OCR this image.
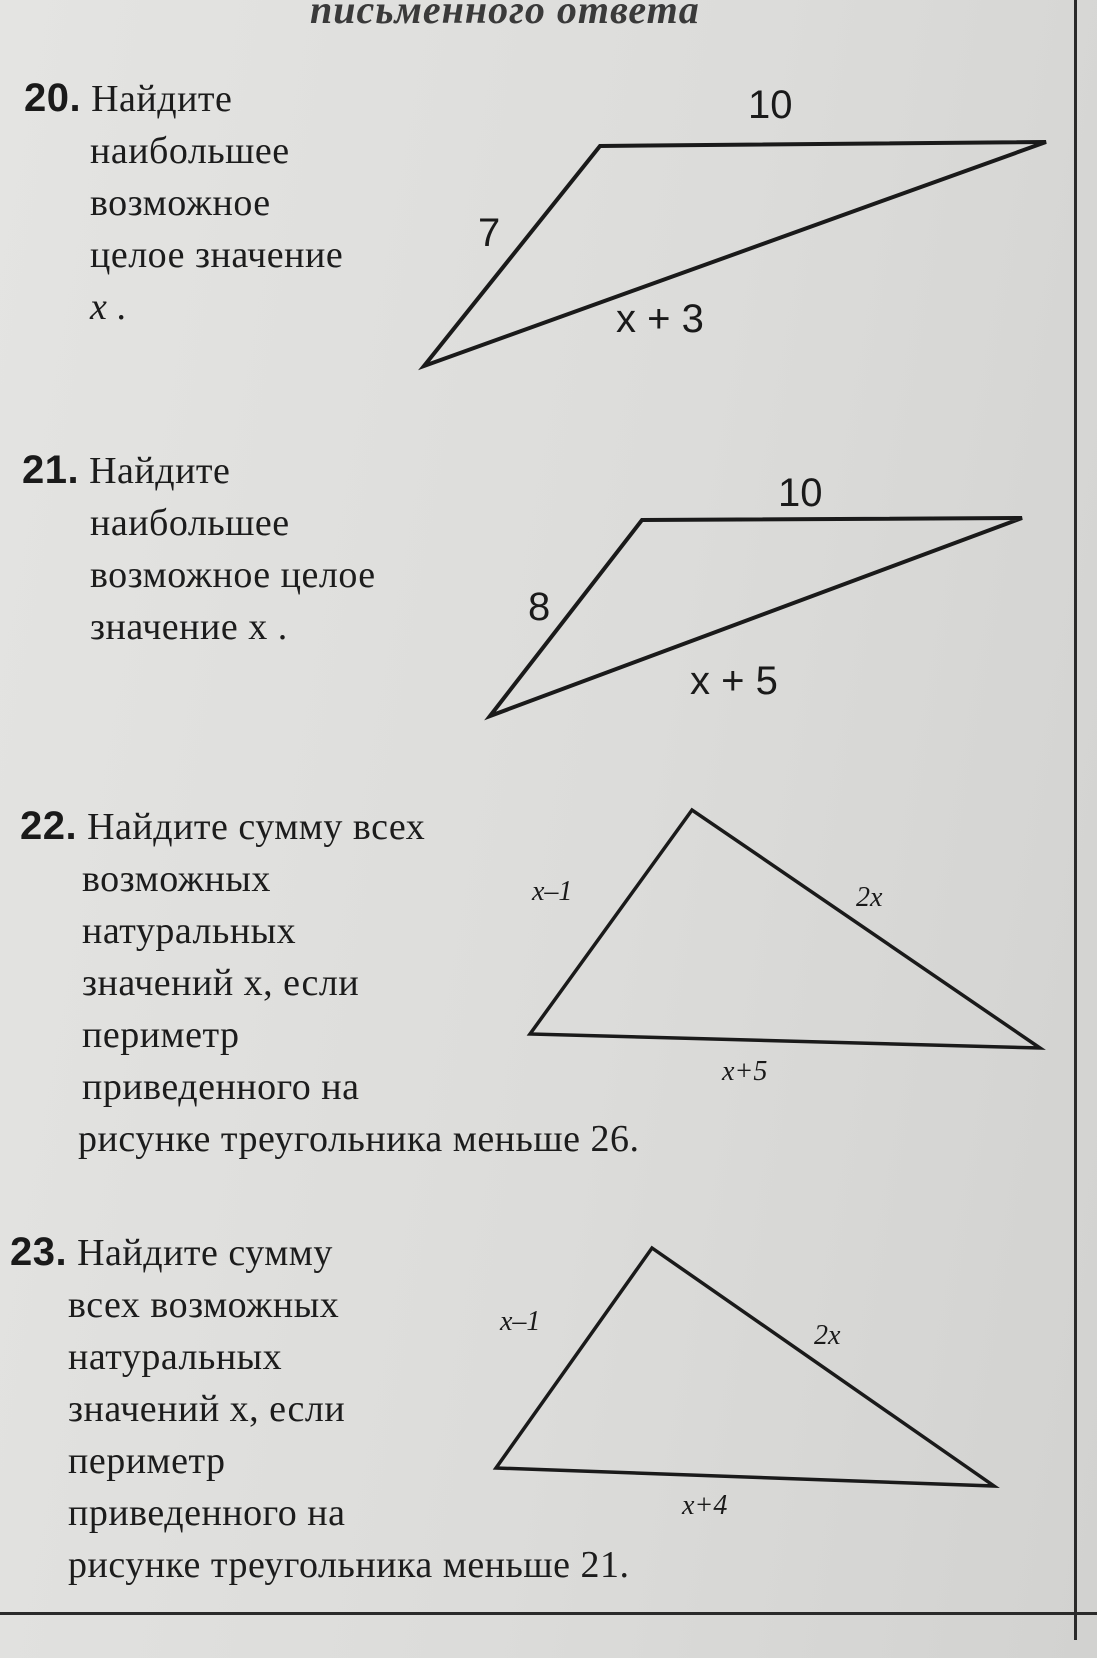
письменного ответа
20. Найдите
наибольшее
возможное
целое значение
x .
21. Найдите
наибольшее
возможное целое
значение x .
22. Найдите сумму всех
возможных
натуральных
значений x, если
периметр
приведенного на
рисунке треугольника меньше 26.
23. Найдите сумму
всех возможных
натуральных
значений x, если
периметр
приведенного на
рисунке треугольника меньше 21.
10
7
x + 3
10
8
x + 5
x–1	2x
x+5
x–1	2x
x+4
